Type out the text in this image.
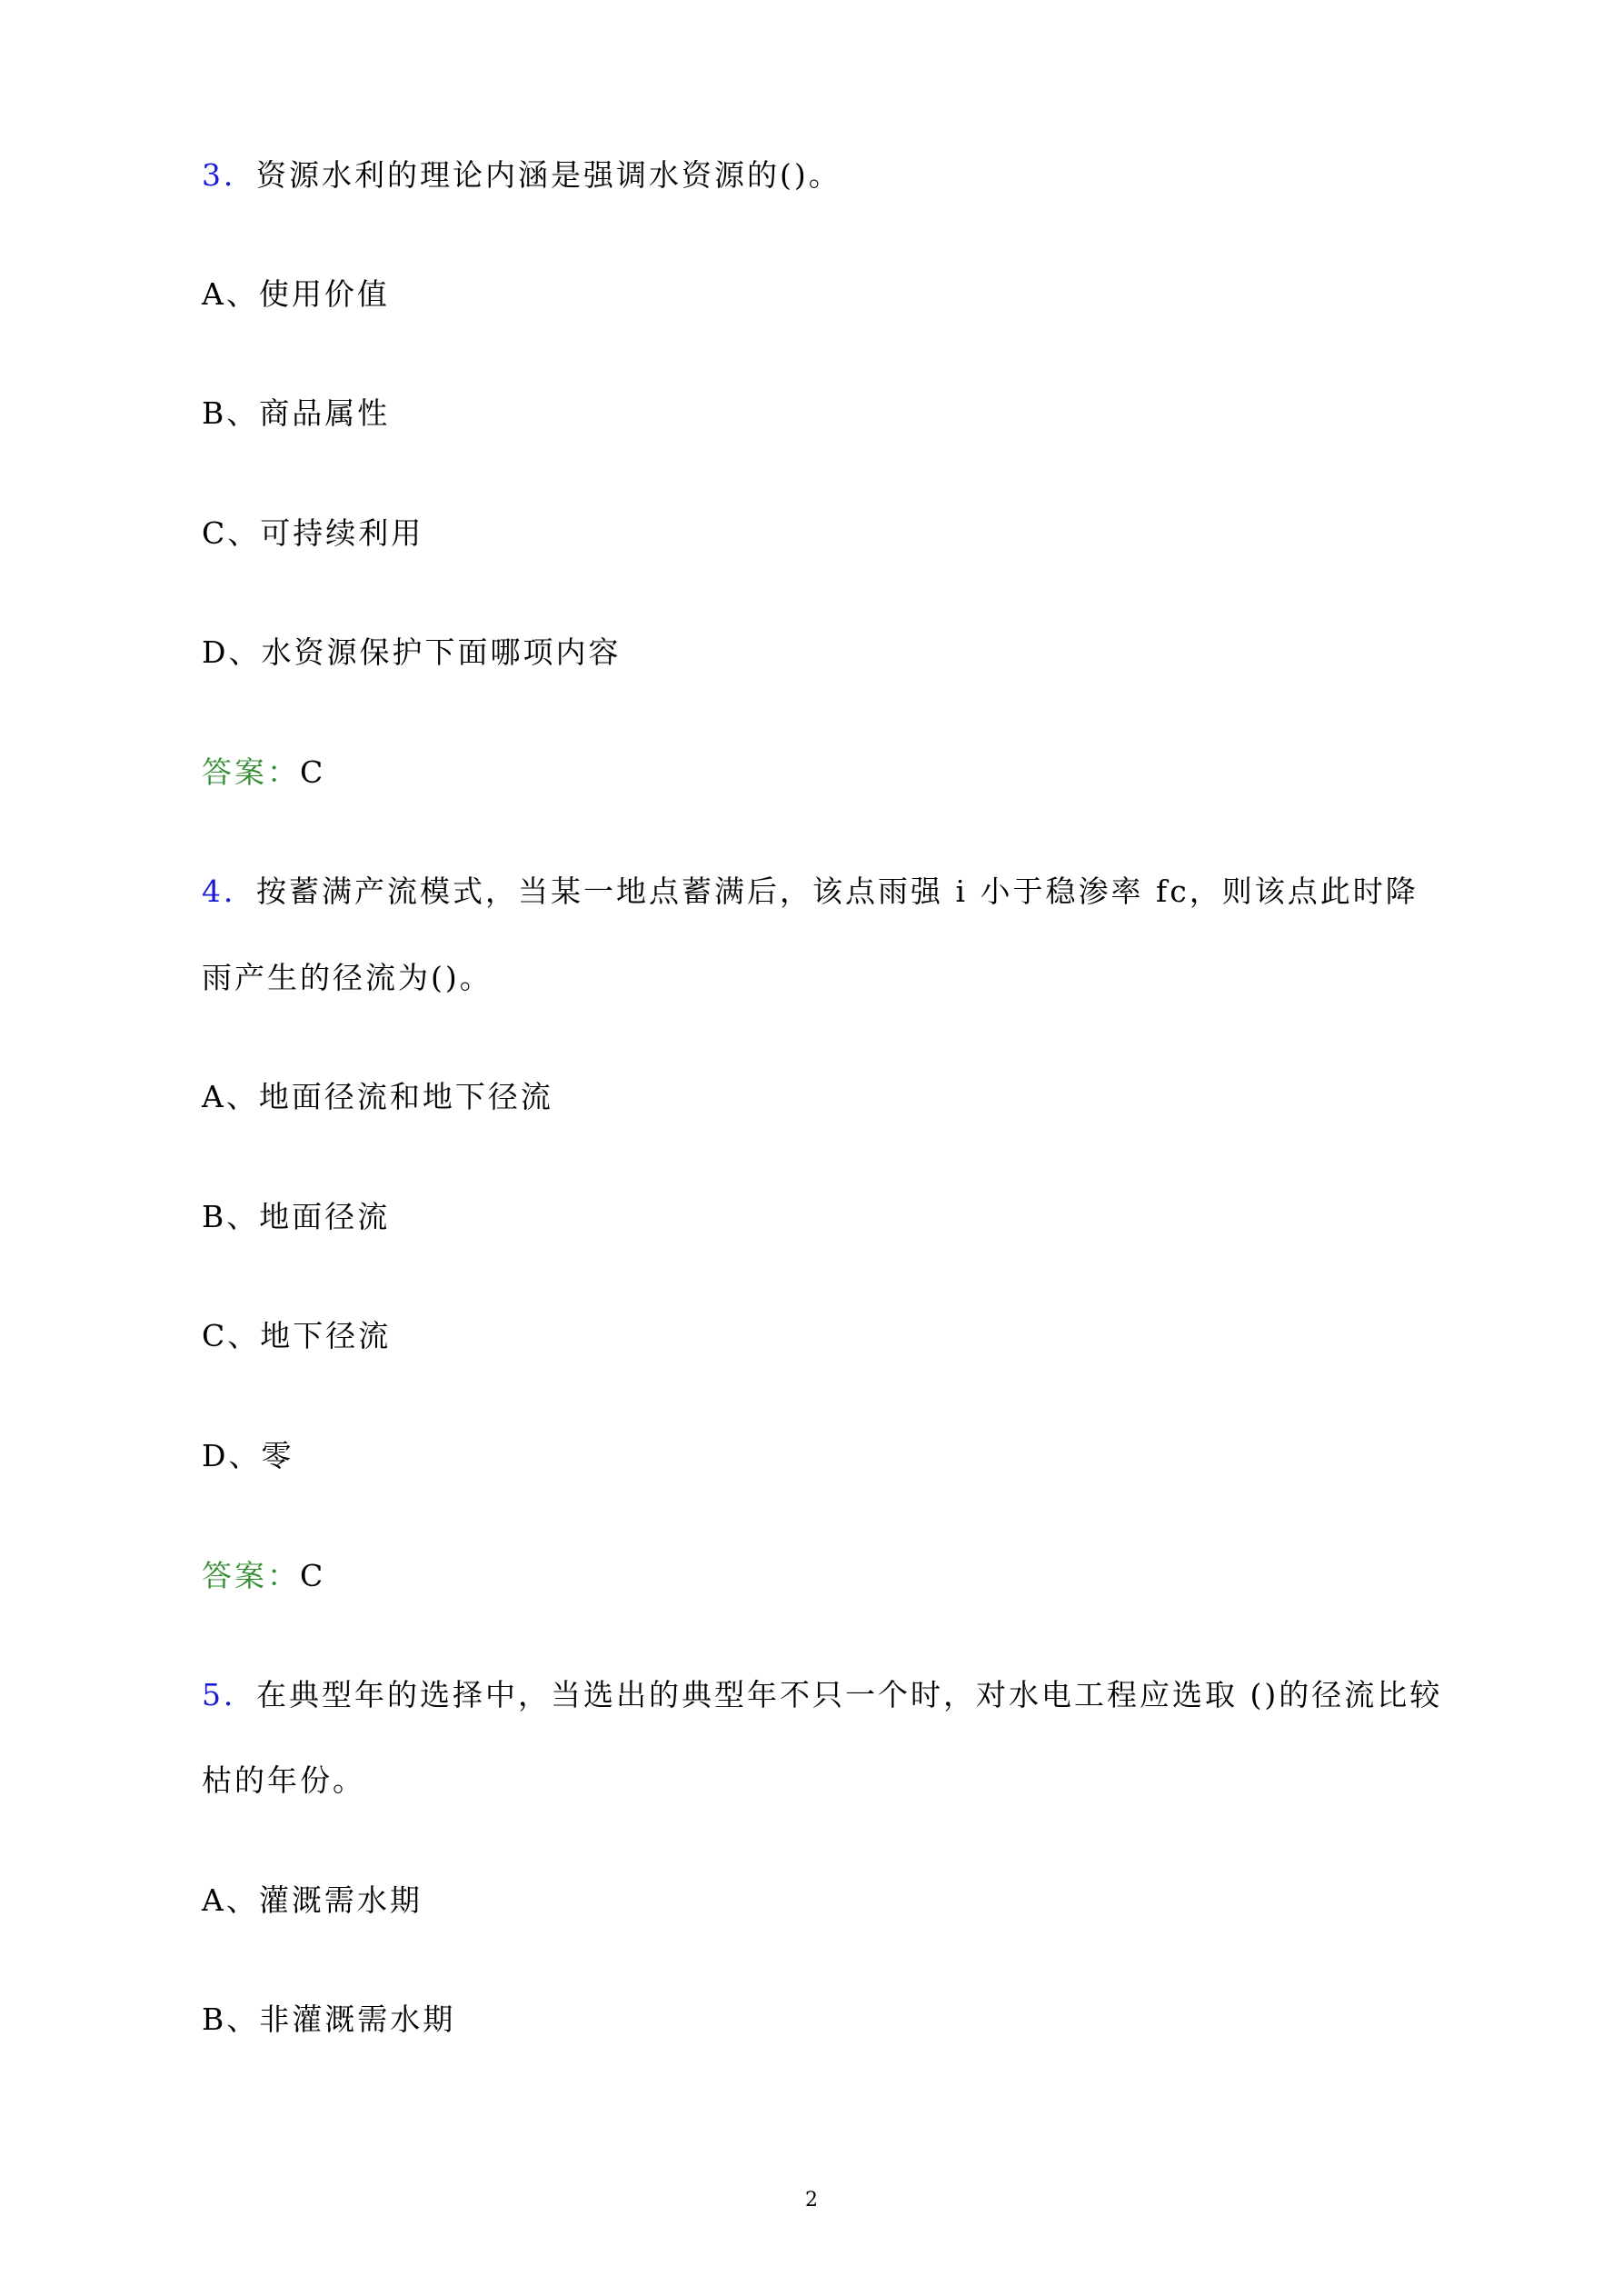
3．资源水利的理论内涵是强调水资源的()。
A、使用价值
B、商品属性
C、可持续利用
D、水资源保护下面哪项内容
答案：C
4．按蓄满产流模式，当某一地点蓄满后，该点雨强 i 小于稳渗率 fc，则该点此时降
雨产生的径流为()。
A、地面径流和地下径流
B、地面径流
C、地下径流
D、零
答案：C
5．在典型年的选择中，当选出的典型年不只一个时，对水电工程应选取 ()的径流比较
枯的年份。
A、灌溉需水期
B、非灌溉需水期
2
